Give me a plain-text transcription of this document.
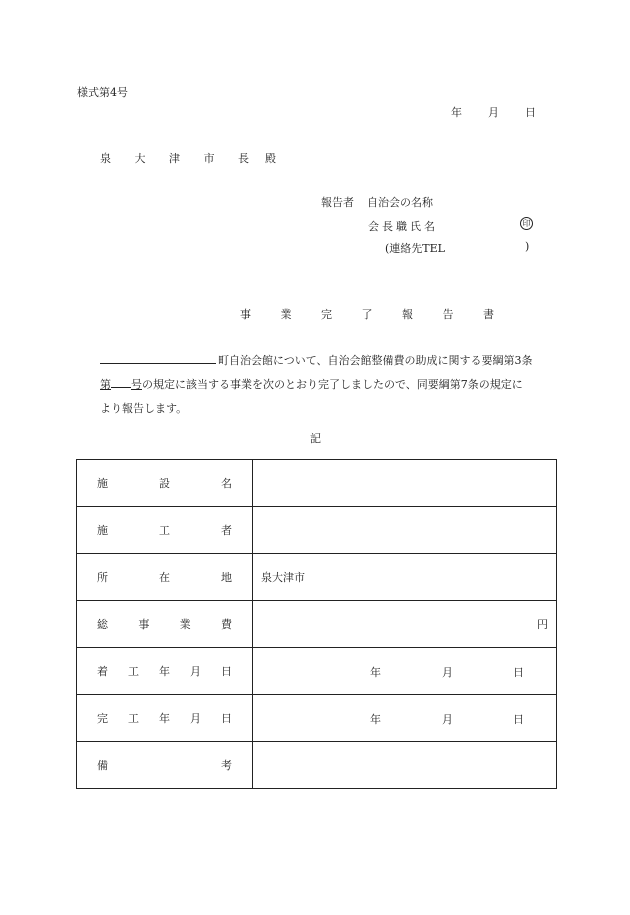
様式第4号
年 月 日
泉 大 津 市 長 殿
報告者 自治会の名称
会長職氏名	印
(連絡先TEL	)
事 業 完 了 報 告 書
町自治会館について、自治会館整備費の助成に関する要綱第3条
第 号の規定に該当する事業を次のとおり完了しましたので、同要綱第7条の規定に
より報告します。
記
施 設 名	

施 工 者	

所 在 地	泉大津市

総 事 業 費	円

着 工 年 月 日	年 月 日

完 工 年 月 日	年 月 日

備 考	
